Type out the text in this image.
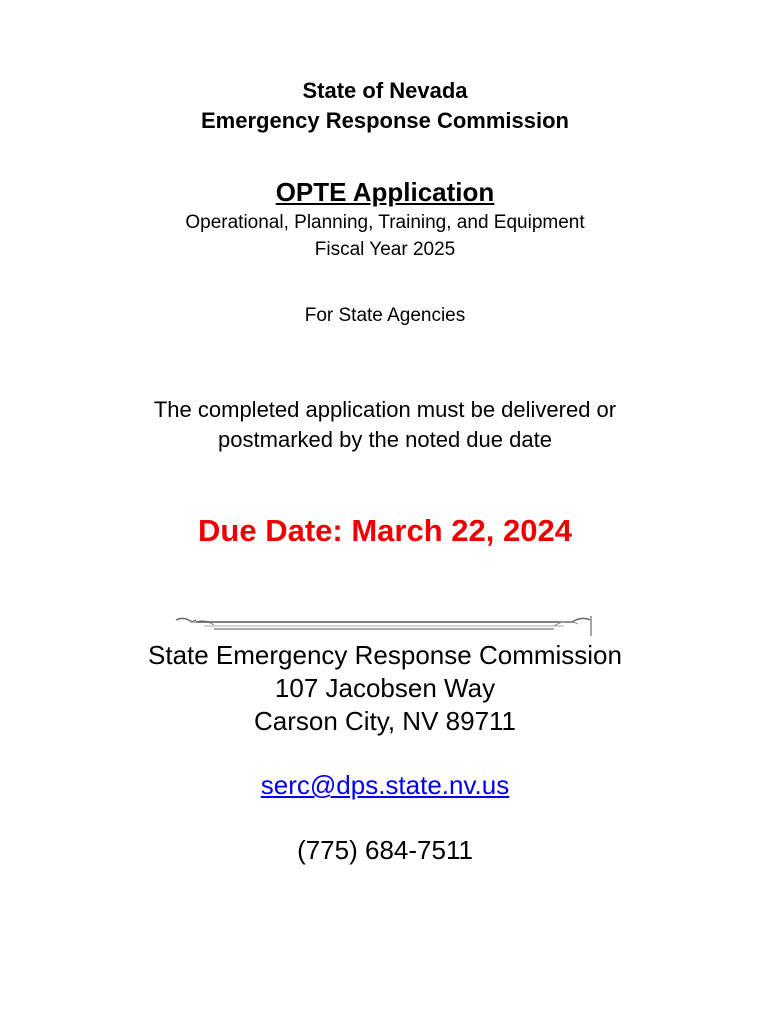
State of Nevada
Emergency Response Commission
OPTE Application
Operational, Planning, Training, and Equipment
Fiscal Year 2025
For State Agencies
The completed application must be delivered or
postmarked by the noted due date
Due Date: March 22, 2024
State Emergency Response Commission
107 Jacobsen Way
Carson City, NV 89711
serc@dps.state.nv.us
(775) 684-7511
